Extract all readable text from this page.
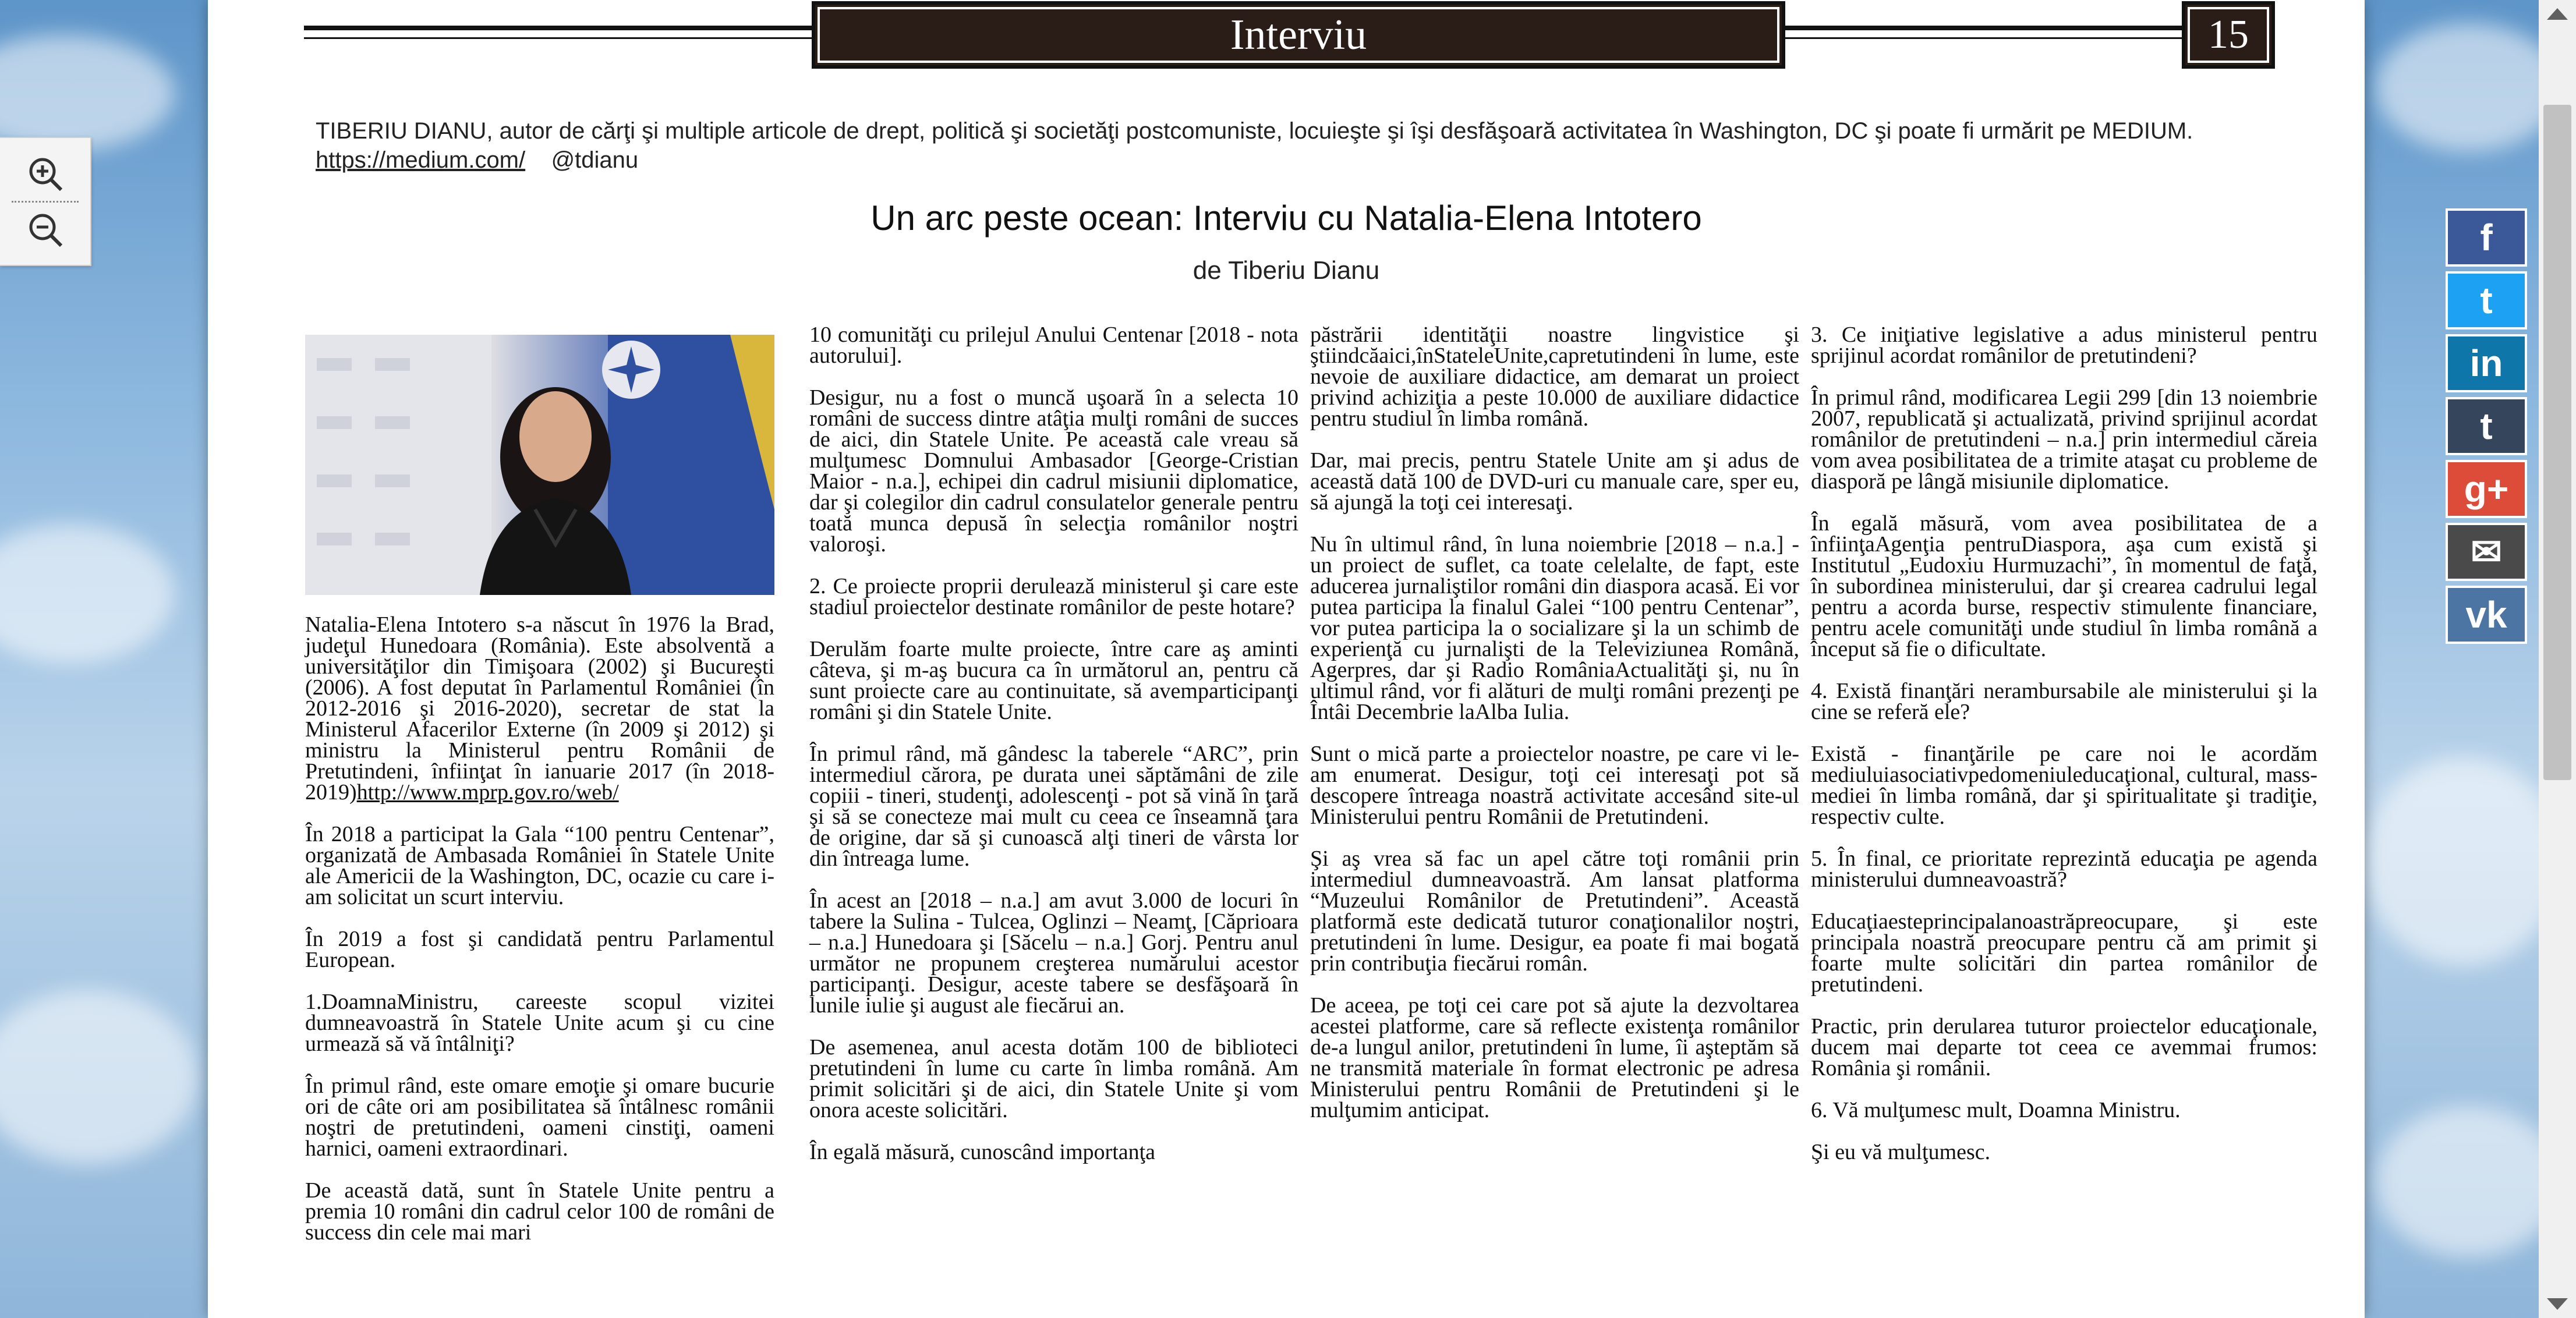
Interviu	15
TIBERIU DIANU, autor de cărţi şi multiple articole de drept, politică şi societăţi postcomuniste, locuieşte şi îşi desfăşoară activitatea în Washington, DC şi poate fi urmărit pe MEDIUM.   https://medium.com/ @tdianu
Un arc peste ocean: Interviu cu Natalia-Elena Intotero
de Tiberiu Dianu

Natalia-Elena Intotero s-a născut în 1976 la Brad, judeţul Hunedoara (România). Este absolventă a universităţilor din Timişoara (2002) şi Bucureşti (2006). A fost deputat în Parlamentul României (în 2012-2016 şi 2016-2020), secretar de stat la Ministerul Afacerilor Externe (în 2009 şi 2012) şi ministru la Ministerul pentru Românii de Pretutindeni, înfiinţat în ianuarie 2017 (în 2018-2019)http://www.mprp.gov.ro/web/

În 2018 a participat la Gala “100 pentru Centenar”, organizată de Ambasada României în Statele Unite ale Americii de la Washington, DC, ocazie cu care i-am solicitat un scurt interviu.

În 2019 a fost şi candidată pentru Parlamentul European.

1.DoamnaMinistru, careeste scopul vizitei dumneavoastră în Statele Unite acum şi cu cine urmează să vă întâlniţi?

În primul rând, este omare emoţie şi omare bucurie ori de câte ori am posibilitatea să întâlnesc românii noştri de pretutindeni, oameni cinstiţi, oameni harnici, oameni extraordinari.

De această dată, sunt în Statele Unite pentru a premia 10 români din cadrul celor 100 de români de success din cele mai mari

10 comunităţi cu prilejul Anului Centenar [2018 - nota autorului].

Desigur, nu a fost o muncă uşoară în a selecta 10 români de success dintre atâţia mulţi români de succes de aici, din Statele Unite. Pe această cale vreau să mulţumesc Domnului Ambasador [George-Cristian Maior - n.a.], echipei din cadrul misiunii diplomatice, dar şi colegilor din cadrul consulatelor generale pentru toată munca depusă în selecţia românilor noştri valoroşi.

2. Ce proiecte proprii derulează ministerul şi care este stadiul proiectelor destinate românilor de peste hotare?

Derulăm foarte multe proiecte, între care aş aminti câteva, şi m-aş bucura ca în următorul an, pentru că sunt proiecte care au continuitate, să avemparticipanţi români şi din Statele Unite.

În primul rând, mă gândesc la taberele “ARC”, prin intermediul cărora, pe durata unei săptămâni de zile copiii - tineri, studenţi, adolescenţi - pot să vină în ţară şi să se conecteze mai mult cu ceea ce înseamnă ţara de origine, dar să şi cunoască alţi tineri de vârsta lor din întreaga lume.

În acest an [2018 – n.a.] am avut 3.000 de locuri în tabere la Sulina - Tulcea, Oglinzi – Neamţ, [Căprioara – n.a.] Hunedoara şi [Săcelu – n.a.] Gorj. Pentru anul următor ne propunem creşterea numărului acestor participanţi. Desigur, aceste tabere se desfăşoară în lunile iulie şi august ale fiecărui an.

De asemenea, anul acesta dotăm 100 de biblioteci pretutindeni în lume cu carte în limba română. Am primit solicitări şi de aici, din Statele Unite şi vom onora aceste solicitări.

În egală măsură, cunoscând importanţa

păstrării identităţii noastre lingvistice şi ştiindcăaici,înStateleUnite,capretutindeni în lume, este nevoie de auxiliare didactice, am demarat un proiect privind achiziţia a peste 10.000 de auxiliare didactice pentru studiul în limba română.

Dar, mai precis, pentru Statele Unite am şi adus de această dată 100 de DVD-uri cu manuale care, sper eu, să ajungă la toţi cei interesaţi.

Nu în ultimul rând, în luna noiembrie [2018 – n.a.] - un proiect de suflet, ca toate celelalte, de fapt, este aducerea jurnaliştilor români din diaspora acasă. Ei vor putea participa la finalul Galei “100 pentru Centenar”, vor putea participa la o socializare şi la un schimb de experienţă cu jurnalişti de la Televiziunea Română, Agerpres, dar şi Radio RomâniaActualităţi şi, nu în ultimul rând, vor fi alături de mulţi români prezenţi pe Întâi Decembrie laAlba Iulia.

Sunt o mică parte a proiectelor noastre, pe care vi le-am enumerat. Desigur, toţi cei interesaţi pot să descopere întreaga noastră activitate accesând site-ul Ministerului pentru Românii de Pretutindeni.

Şi aş vrea să fac un apel către toţi românii prin intermediul dumneavoastră. Am lansat platforma “Muzeului Românilor de Pretutindeni”. Această platformă este dedicată tuturor conaţionalilor noştri, pretutindeni în lume. Desigur, ea poate fi mai bogată prin contribuţia fiecărui român.

De aceea, pe toţi cei care pot să ajute la dezvoltarea acestei platforme, care să reflecte existenţa românilor de-a lungul anilor, pretutindeni în lume, îi aşteptăm să ne transmită materiale în format electronic pe adresa Ministerului pentru Românii de Pretutindeni şi le mulţumim anticipat.

3. Ce iniţiative legislative a adus ministerul pentru sprijinul acordat românilor de pretutindeni?

În primul rând, modificarea Legii 299 [din 13 noiembrie 2007, republicată şi actualizată, privind sprijinul acordat românilor de pretutindeni – n.a.] prin intermediul căreia vom avea posibilitatea de a trimite ataşat cu probleme de diasporă pe lângă misiunile diplomatice.

În egală măsură, vom avea posibilitatea de a înfiinţaAgenţia pentruDiaspora, aşa cum există şi Institutul „Eudoxiu Hurmuzachi”, în momentul de faţă, în subordinea ministerului, dar şi crearea cadrului legal pentru a acorda burse, respectiv stimulente financiare, pentru acele comunităţi unde studiul în limba română a început să fie o dificultate.

4. Există finanţări nerambursabile ale ministerului şi la cine se referă ele?

Există - finanţările pe care noi le acordăm mediuluiasociativpedomeniuleducaţional, cultural, mass-mediei în limba română, dar şi spiritualitate şi tradiţie, respectiv culte.

5. În final, ce prioritate reprezintă educaţia pe agenda ministerului dumneavoastră?

Educaţiaesteprincipalanoastrăpreocupare, şi este principala noastră preocupare pentru că am primit şi foarte multe solicitări din partea românilor de pretutindeni.

Practic, prin derularea tuturor proiectelor educaţionale, ducem mai departe tot ceea ce avemmai frumos: România şi românii.

6. Vă mulţumesc mult, Doamna Ministru.

Şi eu vă mulţumesc.

f
t
in
t
g+
✉
vk
